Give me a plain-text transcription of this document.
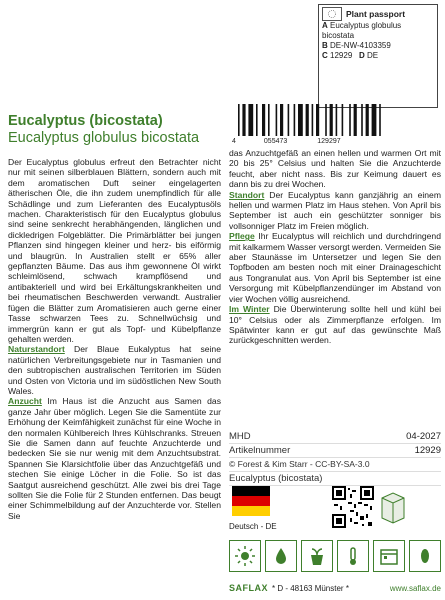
Plant passport
A Eucalyptus globulus bicostata
B DE-NW-4103359
C 12929 D DE
4	055473	129297
Eucalyptus (bicostata)
Eucalyptus globulus bicostata

Der Eucalyptus globulus erfreut den Betrachter nicht nur mit seinen silberblauen Blättern, sondern auch mit dem aromatischen Duft seiner eingelagerten ätherischen Öle, die ihn zudem unempfindlich für alle Schädlinge und zum Lieferanten des Eucalyptusöls machen. Charakteristisch für den Eucalyptus globulus sind seine senkrecht herabhängenden, länglichen und dickledrigen Folgeblätter. Die Primärblätter bei jungen Pflanzen sind hingegen kleiner und herz- bis eiförmig und blaugrün. In Australien stellt er 65% aller gepflanzten Bäume. Das aus ihm gewonnene Öl wirkt schleimlösend, schwach krampflösend und antibakteriell und wird bei Erkältungskrankheiten und bei rheumatischen Beschwerden verwandt. Australier fügen die Blätter zum Aromatisieren auch gerne einer Tasse schwarzen Tees zu. Schnellwüchsig und immergrün kann er gut als Topf- und Kübelpflanze gehalten werden.

Naturstandort Der Blaue Eukalyptus hat seine natürlichen Verbreitungsgebiete nur in Tasmanien und den subtropischen australischen Territorien im Süden und Osten von Victoria und im südöstlichen New South Wales.

Anzucht Im Haus ist die Anzucht aus Samen das ganze Jahr über möglich. Legen Sie die Samentüte zur Erhöhung der Keimfähigkeit zunächst für eine Woche in den normalen Kühlbereich Ihres Kühlschranks. Streuen Sie die Samen dann auf feuchte Anzuchterde und bedecken Sie sie nur wenig mit dem Anzuchtsubstrat. Spannen Sie Klarsichtfolie über das Anzuchtgefäß und stechen Sie einige Löcher in die Folie. So ist das Saatgut ausreichend geschützt. Alle zwei bis drei Tage sollten Sie die Folie für 2 Stunden entfernen. Das beugt einer Schimmelbildung auf der Anzuchterde vor. Stellen Sie

das Anzuchtgefäß an einen hellen und warmen Ort mit 20 bis 25° Celsius und halten Sie die Anzuchterde feucht, aber nicht nass. Bis zur Keimung dauert es dann bis zu drei Wochen.

Standort Der Eucalyptus kann ganzjährig an einem hellen und warmen Platz im Haus stehen. Von April bis September ist auch ein geschützter sonniger bis vollsonniger Platz im Freien möglich.

Pflege Ihr Eucalyptus will reichlich und durchdringend mit kalkarmem Wasser versorgt werden. Vermeiden Sie aber Staunässe im Untersetzer und legen Sie den Topfboden am besten noch mit einer Drainageschicht aus Tongranulat aus. Von April bis September ist eine Versorgung mit Kübelpflanzendünger im Abstand von vier Wochen völlig ausreichend.

Im Winter Die Überwinterung sollte hell und kühl bei 10° Celsius oder als Zimmerpflanze erfolgen. Im Spätwinter kann er gut auf das gewünschte Maß zurückgeschnitten werden.

MHD	04-2027
Artikelnummer	12929
© Forest & Kim Starr - CC-BY-SA-3.0
Eucalyptus (bicostata)
Deutsch - DE
SAFLAX * D - 48163 Münster *	www.saflax.de
